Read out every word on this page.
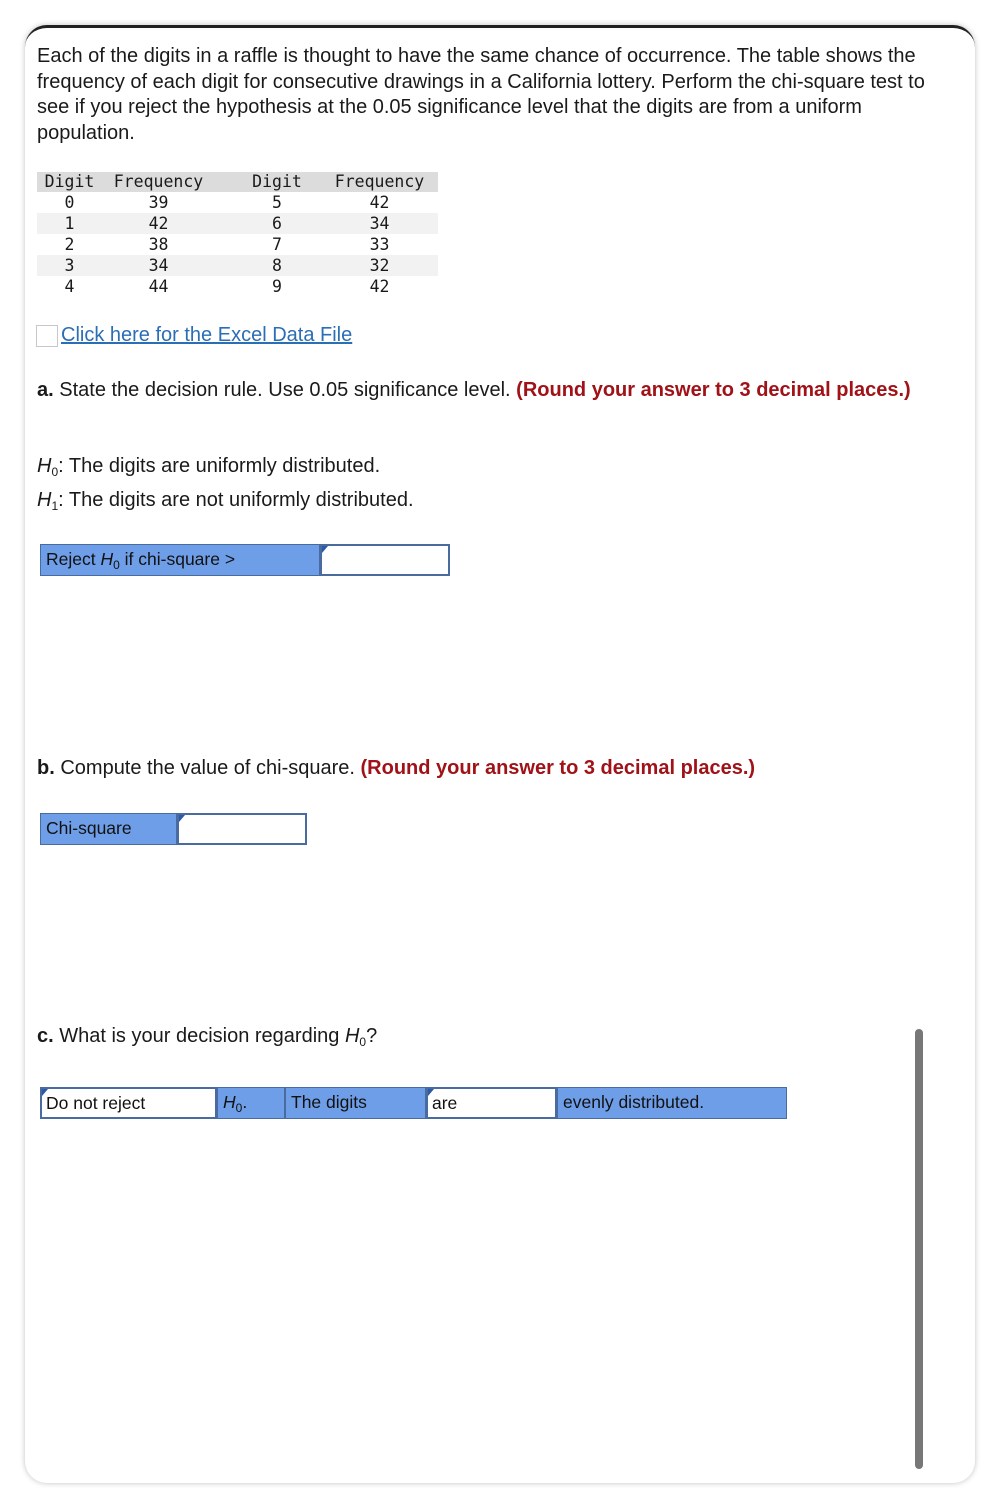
Each of the digits in a raffle is thought to have the same chance of occurrence. The table shows the frequency of each digit for consecutive drawings in a California lottery. Perform the chi-square test to see if you reject the hypothesis at the 0.05 significance level that the digits are from a uniform population.
Digit	Frequency		Digit	Frequency
0	39		5	42
1	42		6	34
2	38		7	33
3	34		8	32
4	44		9	42
Click here for the Excel Data File
a. State the decision rule. Use 0.05 significance level. (Round your answer to 3 decimal places.)
$H_0$: The digits are uniformly distributed.
$H_1$: The digits are not uniformly distributed.
Reject $H_0$ if chi-square >
b. Compute the value of chi-square. (Round your answer to 3 decimal places.)
Chi-square
c. What is your decision regarding $H_0$?
Do not reject	$H_0$.	The digits	are	evenly distributed.
